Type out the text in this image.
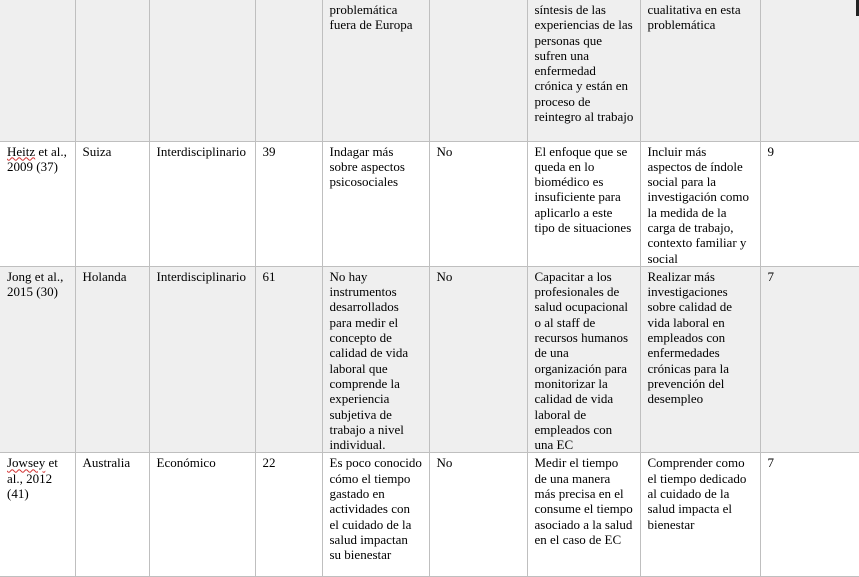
				problemática fuera de Europa		síntesis de las experiencias de las personas que sufren una enfermedad crónica y están en proceso de reintegro al trabajo	cualitativa en esta problemática	
Heitz et al., 2009 (37)	Suiza	Interdisciplinario	39	Indagar más sobre aspectos psicosociales	No	El enfoque que se queda en lo biomédico es insuficiente para aplicarlo a este tipo de situaciones	Incluir más aspectos de índole social para la investigación como la medida de la carga de trabajo, contexto familiar y social	9
Jong et al., 2015 (30)	Holanda	Interdisciplinario	61	No hay instrumentos desarrollados para medir el concepto de calidad de vida laboral que comprende la experiencia subjetiva de trabajo a nivel individual.	No	Capacitar a los profesionales de salud ocupacional o al staff de recursos humanos de una organización para monitorizar la calidad de vida laboral de empleados con una EC	Realizar más investigaciones sobre calidad de vida laboral en empleados con enfermedades crónicas para la prevención del desempleo	7
Jowsey et al., 2012 (41)	Australia	Económico	22	Es poco conocido cómo el tiempo gastado en actividades con el cuidado de la salud impactan su bienestar	No	Medir el tiempo de una manera más precisa en el consume el tiempo asociado a la salud en el caso de EC	Comprender como el tiempo dedicado al cuidado de la salud impacta el bienestar	7
